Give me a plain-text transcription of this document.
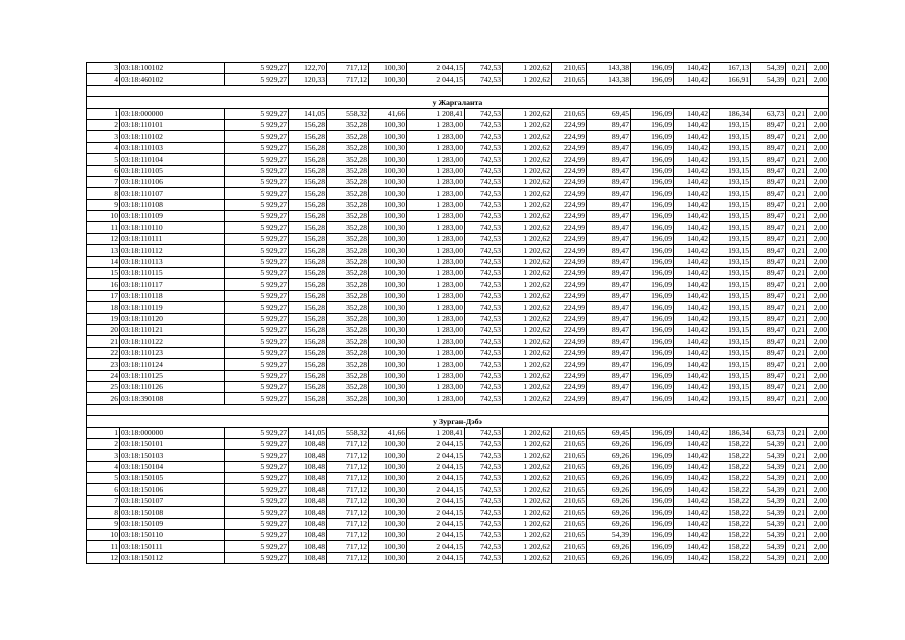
3	03:18:100102	5 929,27	122,70	717,12	100,30	2 044,15	742,53	1 202,62	210,65	143,38	196,09	140,42	167,13	54,39	0,21	2,00
4	03:18:460102	5 929,27	120,33	717,12	100,30	2 044,15	742,53	1 202,62	210,65	143,38	196,09	140,42	166,91	54,39	0,21	2,00

у Жаргаланта																
1	03:18:000000	5 929,27	141,05	558,32	41,66	1 208,41	742,53	1 202,62	210,65	69,45	196,09	140,42	186,34	63,73	0,21	2,00
2	03:18:110101	5 929,27	156,28	352,28	100,30	1 283,00	742,53	1 202,62	224,99	89,47	196,09	140,42	193,15	89,47	0,21	2,00
3	03:18:110102	5 929,27	156,28	352,28	100,30	1 283,00	742,53	1 202,62	224,99	89,47	196,09	140,42	193,15	89,47	0,21	2,00
4	03:18:110103	5 929,27	156,28	352,28	100,30	1 283,00	742,53	1 202,62	224,99	89,47	196,09	140,42	193,15	89,47	0,21	2,00
5	03:18:110104	5 929,27	156,28	352,28	100,30	1 283,00	742,53	1 202,62	224,99	89,47	196,09	140,42	193,15	89,47	0,21	2,00
6	03:18:110105	5 929,27	156,28	352,28	100,30	1 283,00	742,53	1 202,62	224,99	89,47	196,09	140,42	193,15	89,47	0,21	2,00
7	03:18:110106	5 929,27	156,28	352,28	100,30	1 283,00	742,53	1 202,62	224,99	89,47	196,09	140,42	193,15	89,47	0,21	2,00
8	03:18:110107	5 929,27	156,28	352,28	100,30	1 283,00	742,53	1 202,62	224,99	89,47	196,09	140,42	193,15	89,47	0,21	2,00
9	03:18:110108	5 929,27	156,28	352,28	100,30	1 283,00	742,53	1 202,62	224,99	89,47	196,09	140,42	193,15	89,47	0,21	2,00
10	03:18:110109	5 929,27	156,28	352,28	100,30	1 283,00	742,53	1 202,62	224,99	89,47	196,09	140,42	193,15	89,47	0,21	2,00
11	03:18:110110	5 929,27	156,28	352,28	100,30	1 283,00	742,53	1 202,62	224,99	89,47	196,09	140,42	193,15	89,47	0,21	2,00
12	03:18:110111	5 929,27	156,28	352,28	100,30	1 283,00	742,53	1 202,62	224,99	89,47	196,09	140,42	193,15	89,47	0,21	2,00
13	03:18:110112	5 929,27	156,28	352,28	100,30	1 283,00	742,53	1 202,62	224,99	89,47	196,09	140,42	193,15	89,47	0,21	2,00
14	03:18:110113	5 929,27	156,28	352,28	100,30	1 283,00	742,53	1 202,62	224,99	89,47	196,09	140,42	193,15	89,47	0,21	2,00
15	03:18:110115	5 929,27	156,28	352,28	100,30	1 283,00	742,53	1 202,62	224,99	89,47	196,09	140,42	193,15	89,47	0,21	2,00
16	03:18:110117	5 929,27	156,28	352,28	100,30	1 283,00	742,53	1 202,62	224,99	89,47	196,09	140,42	193,15	89,47	0,21	2,00
17	03:18:110118	5 929,27	156,28	352,28	100,30	1 283,00	742,53	1 202,62	224,99	89,47	196,09	140,42	193,15	89,47	0,21	2,00
18	03:18:110119	5 929,27	156,28	352,28	100,30	1 283,00	742,53	1 202,62	224,99	89,47	196,09	140,42	193,15	89,47	0,21	2,00
19	03:18:110120	5 929,27	156,28	352,28	100,30	1 283,00	742,53	1 202,62	224,99	89,47	196,09	140,42	193,15	89,47	0,21	2,00
20	03:18:110121	5 929,27	156,28	352,28	100,30	1 283,00	742,53	1 202,62	224,99	89,47	196,09	140,42	193,15	89,47	0,21	2,00
21	03:18:110122	5 929,27	156,28	352,28	100,30	1 283,00	742,53	1 202,62	224,99	89,47	196,09	140,42	193,15	89,47	0,21	2,00
22	03:18:110123	5 929,27	156,28	352,28	100,30	1 283,00	742,53	1 202,62	224,99	89,47	196,09	140,42	193,15	89,47	0,21	2,00
23	03:18:110124	5 929,27	156,28	352,28	100,30	1 283,00	742,53	1 202,62	224,99	89,47	196,09	140,42	193,15	89,47	0,21	2,00
24	03:18:110125	5 929,27	156,28	352,28	100,30	1 283,00	742,53	1 202,62	224,99	89,47	196,09	140,42	193,15	89,47	0,21	2,00
25	03:18:110126	5 929,27	156,28	352,28	100,30	1 283,00	742,53	1 202,62	224,99	89,47	196,09	140,42	193,15	89,47	0,21	2,00
26	03:18:390108	5 929,27	156,28	352,28	100,30	1 283,00	742,53	1 202,62	224,99	89,47	196,09	140,42	193,15	89,47	0,21	2,00

у Зурган-Дэбэ																
1	03:18:000000	5 929,27	141,05	558,32	41,66	1 208,41	742,53	1 202,62	210,65	69,45	196,09	140,42	186,34	63,73	0,21	2,00
2	03:18:150101	5 929,27	108,48	717,12	100,30	2 044,15	742,53	1 202,62	210,65	69,26	196,09	140,42	158,22	54,39	0,21	2,00
3	03:18:150103	5 929,27	108,48	717,12	100,30	2 044,15	742,53	1 202,62	210,65	69,26	196,09	140,42	158,22	54,39	0,21	2,00
4	03:18:150104	5 929,27	108,48	717,12	100,30	2 044,15	742,53	1 202,62	210,65	69,26	196,09	140,42	158,22	54,39	0,21	2,00
5	03:18:150105	5 929,27	108,48	717,12	100,30	2 044,15	742,53	1 202,62	210,65	69,26	196,09	140,42	158,22	54,39	0,21	2,00
6	03:18:150106	5 929,27	108,48	717,12	100,30	2 044,15	742,53	1 202,62	210,65	69,26	196,09	140,42	158,22	54,39	0,21	2,00
7	03:18:150107	5 929,27	108,48	717,12	100,30	2 044,15	742,53	1 202,62	210,65	69,26	196,09	140,42	158,22	54,39	0,21	2,00
8	03:18:150108	5 929,27	108,48	717,12	100,30	2 044,15	742,53	1 202,62	210,65	69,26	196,09	140,42	158,22	54,39	0,21	2,00
9	03:18:150109	5 929,27	108,48	717,12	100,30	2 044,15	742,53	1 202,62	210,65	69,26	196,09	140,42	158,22	54,39	0,21	2,00
10	03:18:150110	5 929,27	108,48	717,12	100,30	2 044,15	742,53	1 202,62	210,65	54,39	196,09	140,42	158,22	54,39	0,21	2,00
11	03:18:150111	5 929,27	108,48	717,12	100,30	2 044,15	742,53	1 202,62	210,65	69,26	196,09	140,42	158,22	54,39	0,21	2,00
12	03:18:150112	5 929,27	108,48	717,12	100,30	2 044,15	742,53	1 202,62	210,65	69,26	196,09	140,42	158,22	54,39	0,21	2,00
